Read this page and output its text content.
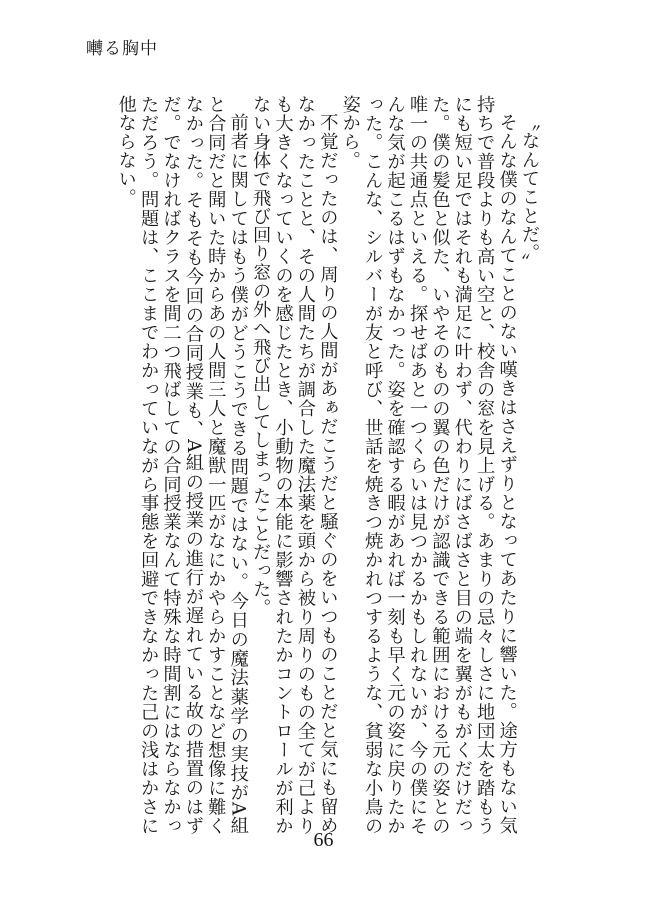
囀る胸中

〝なんてことだ。〟

そんな僕のなんてことのない嘆きはさえずりとなってあたりに響いた。途方もない気持ちで普段よりも高い空と、校舎の窓を見上げる。あまりの忌々しさに地団太を踏もうにも短い足ではそれも満足に叶わず、代わりにばさばさと目の端を翼がもがくだけだった。僕の髪色と似た、いやそのものの翼の色だけが認識できる範囲における元の姿との唯一の共通点といえる。探せばあと一つくらいは見つかるかもしれないが、今の僕にそんな気が起こるはずもなかった。姿を確認する暇があれば一刻も早く元の姿に戻りたかった。こんな、シルバーが友と呼び、世話を焼きつ焼かれつするような、貧弱な小鳥の姿から。

不覚だったのは、周りの人間があぁだこうだと騒ぐのをいつものことだと気にも留めなかったことと、その人間たちが調合した魔法薬を頭から被り周りのもの全てが己よりも大きくなっていくのを感じたとき、小動物の本能に影響されたかコントロールが利かない身体で飛び回り窓の外へ飛び出してしまったことだった。

前者に関してはもう僕がどうこうできる問題ではない。今日の魔法薬学の実技がA組と合同だと聞いた時からあの人間三人と魔獣一匹がなにかやらかすことなど想像に難くなかった。そもそも今回の合同授業も、A組の授業の進行が遅れている故の措置のはずだ。でなければクラスを間二つ飛ばしての合同授業なんて特殊な時間割にはならなかっただろう。問題は、ここまでわかっていながら事態を回避できなかった己の浅はかさに他ならない。

66
